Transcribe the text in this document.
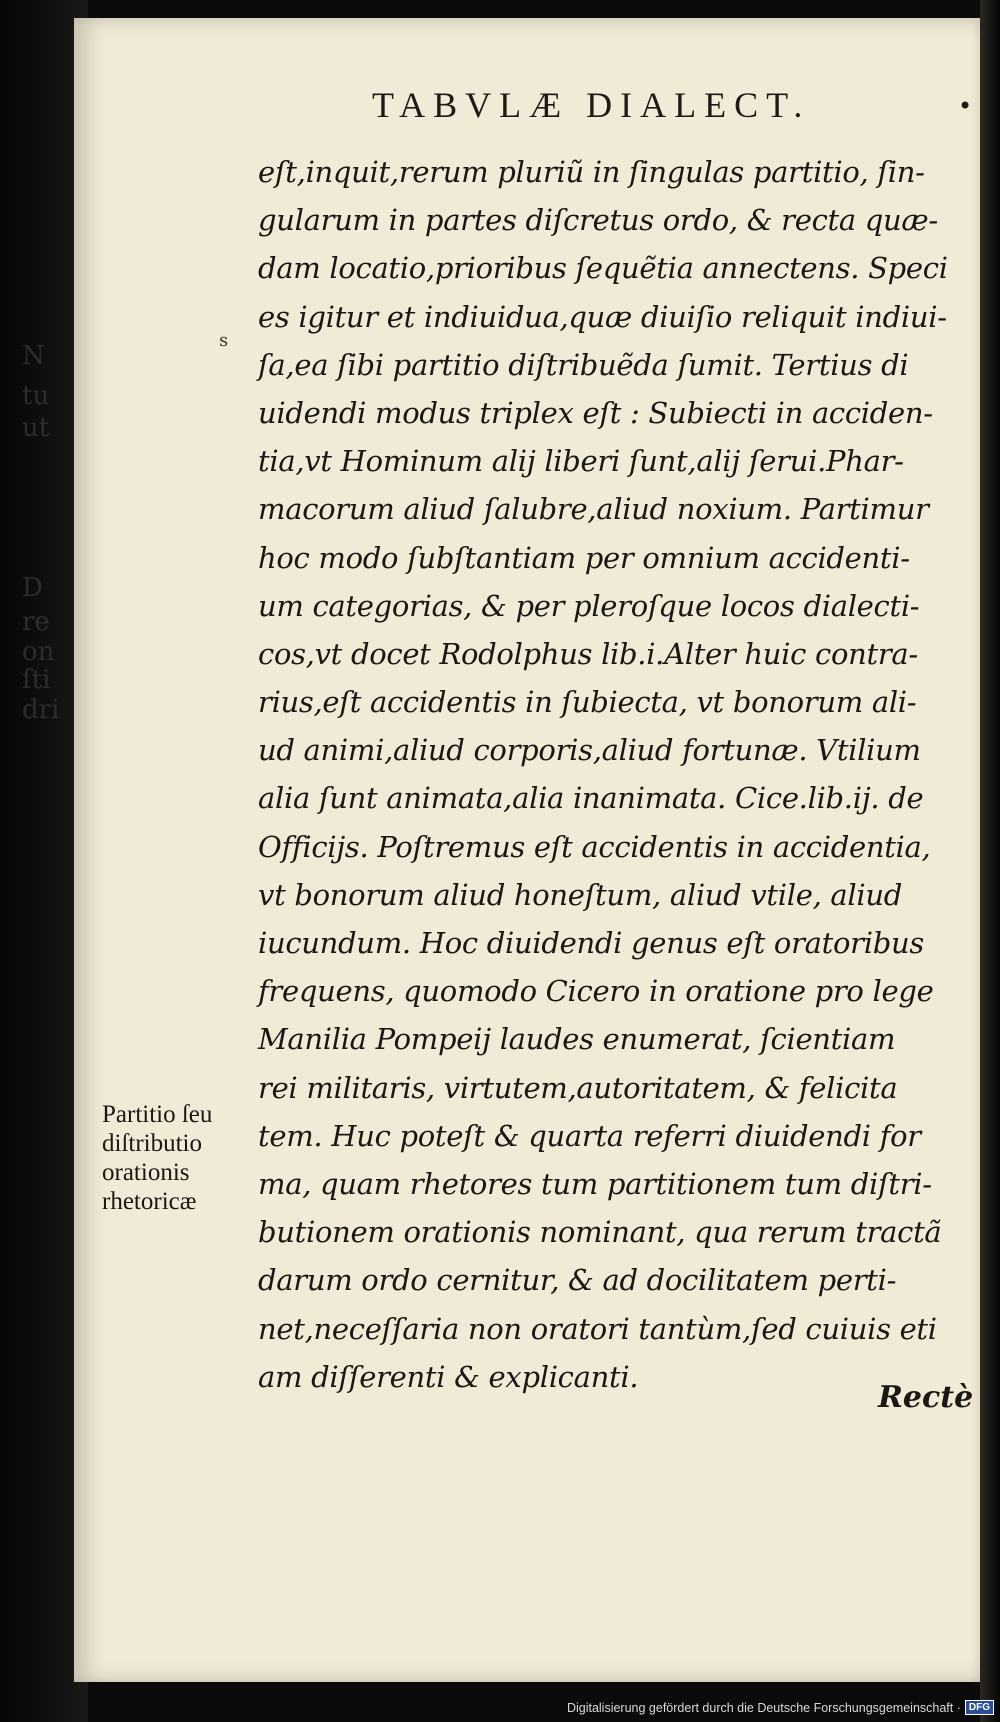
N
tu
ut
D
re
on
ſti
dri
TABVLÆ DIALECT.	•
s
eſt,inquit,rerum pluriũ in ſingulas partitio, ſin-
gularum in partes diſcretus ordo, & recta quæ-
dam locatio,prioribus ſequẽtia annectens. Speci
es igitur et indiuidua,quæ diuiſio reliquit indiui-
ſa,ea ſibi partitio diſtribuẽda ſumit. Tertius di
uidendi modus triplex eſt : Subiecti in acciden-
tia,vt Hominum alij liberi ſunt,alij ſerui.Phar-
macorum aliud ſalubre,aliud noxium. Partimur
hoc modo ſubſtantiam per omnium accidenti-
um categorias, & per pleroſque locos dialecti-
cos,vt docet Rodolphus lib.i.Alter huic contra-
rius,eſt accidentis in ſubiecta, vt bonorum ali-
ud animi,aliud corporis,aliud fortunæ. Vtilium
alia ſunt animata,alia inanimata. Cice.lib.ij. de
Officijs. Poſtremus eſt accidentis in accidentia,
vt bonorum aliud honeſtum, aliud vtile, aliud
iucundum. Hoc diuidendi genus eſt oratoribus
frequens, quomodo Cicero in oratione pro lege
Manilia Pompeij laudes enumerat, ſcientiam
rei militaris, virtutem,autoritatem, & felicita
tem. Huc poteſt & quarta referri diuidendi for
ma, quam rhetores tum partitionem tum diſtri-
butionem orationis nominant, qua rerum tractã
darum ordo cernitur, & ad docilitatem perti-
net,neceſſaria non oratori tantùm,ſed cuiuis eti
am diſſerenti & explicanti.
Partitio ſeu
diſtributio
orationis
rhetoricæ
Rectè
Digitalisierung gefördert durch die Deutsche Forschungsgemeinschaft · DFG
